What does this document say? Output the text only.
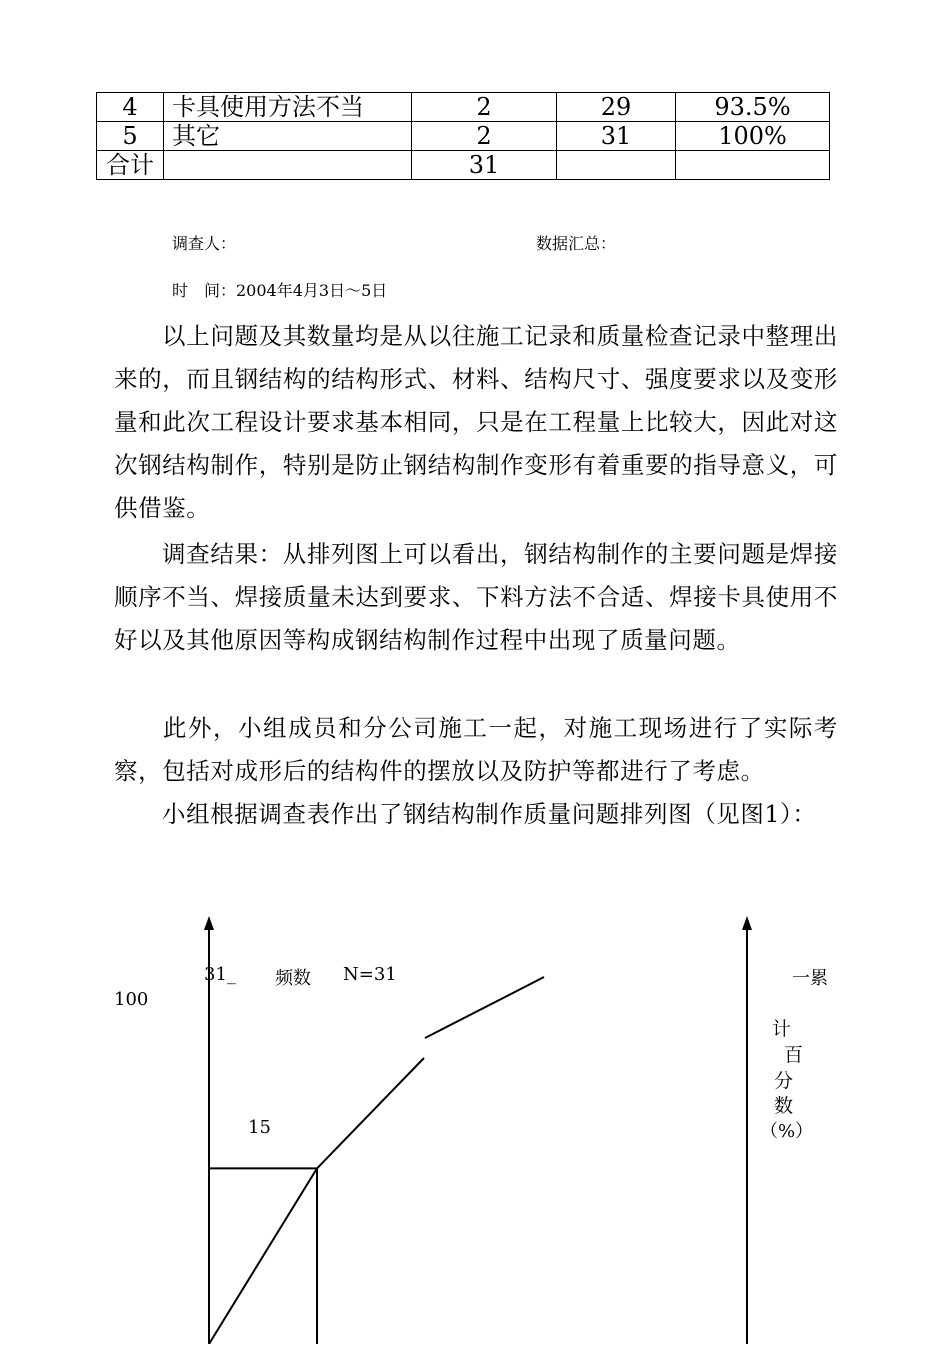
4	卡具使用方法不当	2	29	93.5%
5	其它	2	31	100%
合计		31		
调查人：	数据汇总：
时　间：2004年4月3日～5日

以上问题及其数量均是从以往施工记录和质量检查记录中整理出来的，而且钢结构的结构形式、材料、结构尺寸、强度要求以及变形量和此次工程设计要求基本相同，只是在工程量上比较大，因此对这次钢结构制作，特别是防止钢结构制作变形有着重要的指导意义，可供借鉴。

调查结果：从排列图上可以看出，钢结构制作的主要问题是焊接顺序不当、焊接质量未达到要求、下料方法不合适、焊接卡具使用不好以及其他原因等构成钢结构制作过程中出现了质量问题。

此外，小组成员和分公司施工一起，对施工现场进行了实际考察，包括对成形后的结构件的摆放以及防护等都进行了考虑。

小组根据调查表作出了钢结构制作质量问题排列图（见图1）：

31_ 频数 N=31
100
15
一累
计
百
分
数
（%）
